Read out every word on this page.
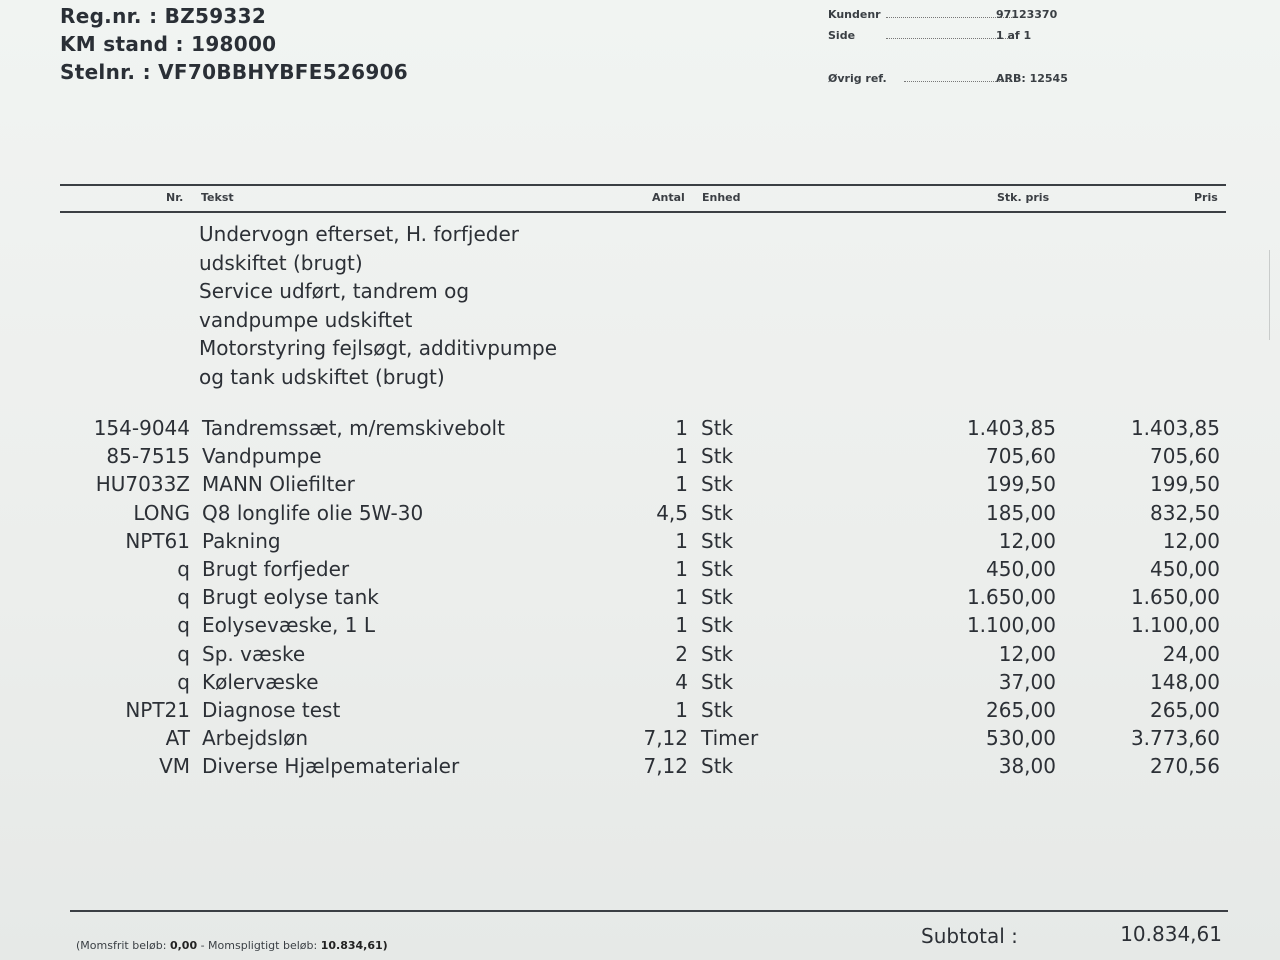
Reg.nr. : BZ59332
KM stand : 198000
Stelnr. : VF70BBHYBFE526906
Kundenr	97123370
Side	1 af 1
Øvrig ref.	ARB: 12545
Nr. Tekst	Antal Enhed	Stk. pris	Pris
Undervogn efterset, H. forfjeder
udskiftet (brugt)
Service udført, tandrem og
vandpumpe udskiftet
Motorstyring fejlsøgt, additivpumpe
og tank udskiftet (brugt)
154-9044 Tandremssæt, m/remskivebolt	1 Stk	1.403,85	1.403,85
85-7515 Vandpumpe	1 Stk	705,60	705,60
HU7033Z MANN Oliefilter	1 Stk	199,50	199,50
LONG Q8 longlife olie 5W-30	4,5 Stk	185,00	832,50
NPT61 Pakning	1 Stk	12,00	12,00
q Brugt forfjeder	1 Stk	450,00	450,00
q Brugt eolyse tank	1 Stk	1.650,00	1.650,00
q Eolysevæske, 1 L	1 Stk	1.100,00	1.100,00
q Sp. væske	2 Stk	12,00	24,00
q Kølervæske	4 Stk	37,00	148,00
NPT21 Diagnose test	1 Stk	265,00	265,00
AT Arbejdsløn	7,12 Timer	530,00	3.773,60
VM Diverse Hjælpematerialer	7,12 Stk	38,00	270,56
(Momsfrit beløb: 0,00 - Momspligtigt beløb: 10.834,61)	Subtotal :	10.834,61
